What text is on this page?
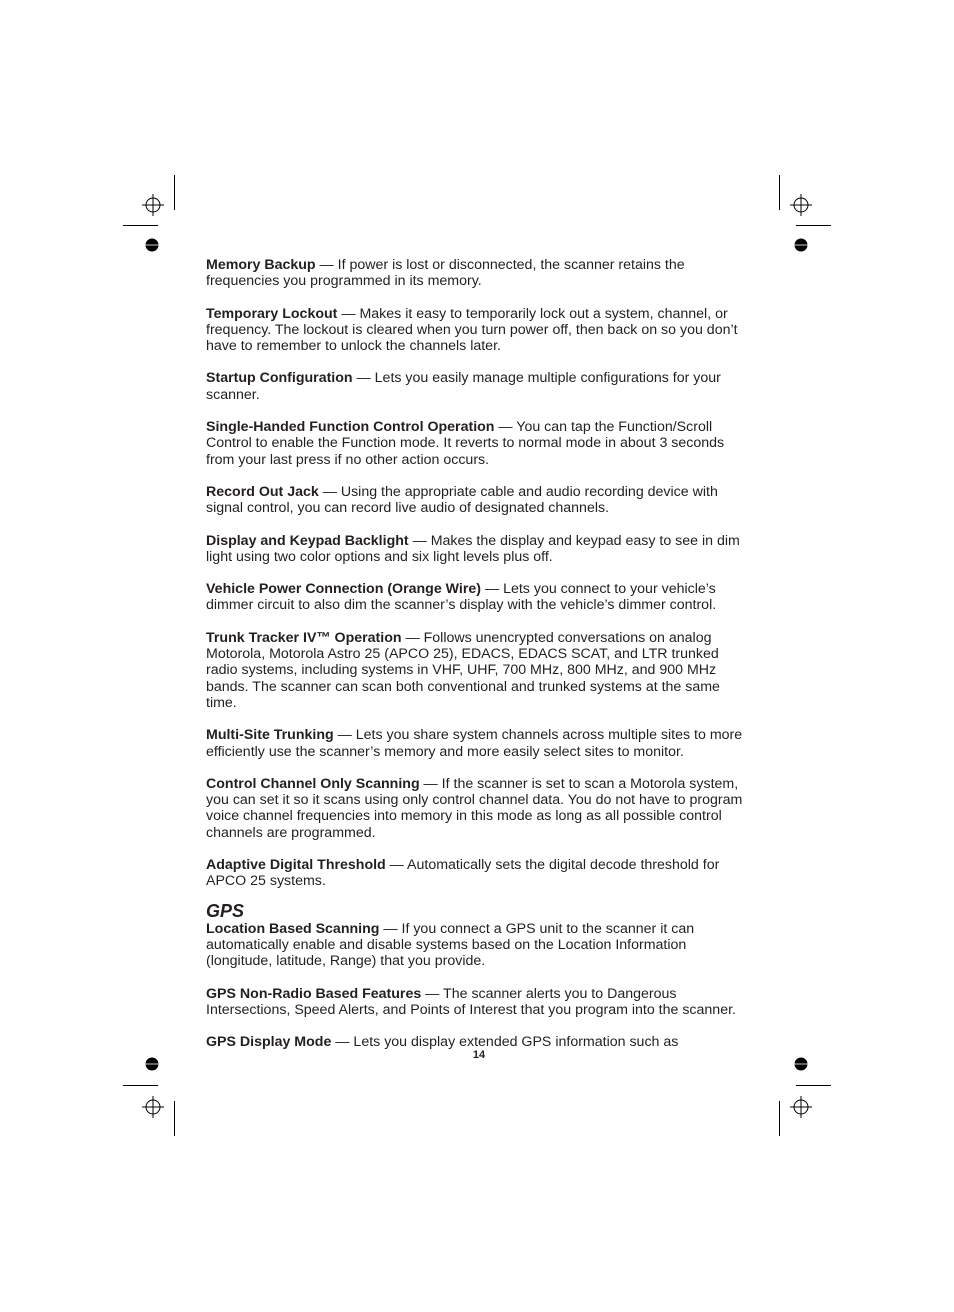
Memory Backup — If power is lost or disconnected, the scanner retains the frequencies you programmed in its memory.

Temporary Lockout — Makes it easy to temporarily lock out a system, channel, or frequency. The lockout is cleared when you turn power off, then back on so you don’t have to remember to unlock the channels later.

Startup Configuration — Lets you easily manage multiple configurations for your scanner.

Single-Handed Function Control Operation — You can tap the Function/Scroll Control to enable the Function mode. It reverts to normal mode in about 3 seconds from your last press if no other action occurs.

Record Out Jack — Using the appropriate cable and audio recording device with signal control, you can record live audio of designated channels.

Display and Keypad Backlight — Makes the display and keypad easy to see in dim light using two color options and six light levels plus off.

Vehicle Power Connection (Orange Wire) — Lets you connect to your vehicle’s dimmer circuit to also dim the scanner’s display with the vehicle’s dimmer control.

Trunk Tracker IV™ Operation — Follows unencrypted conversations on analog Motorola, Motorola Astro 25 (APCO 25), EDACS, EDACS SCAT, and LTR trunked radio systems, including systems in VHF, UHF, 700 MHz, 800 MHz, and 900 MHz bands. The scanner can scan both conventional and trunked systems at the same time.

Multi-Site Trunking — Lets you share system channels across multiple sites to more efficiently use the scanner’s memory and more easily select sites to monitor.

Control Channel Only Scanning — If the scanner is set to scan a Motorola system, you can set it so it scans using only control channel data. You do not have to program voice channel frequencies into memory in this mode as long as all possible control channels are programmed.

Adaptive Digital Threshold — Automatically sets the digital decode threshold for APCO 25 systems.

GPS

Location Based Scanning — If you connect a GPS unit to the scanner it can automatically enable and disable systems based on the Location Information (longitude, latitude, Range) that you provide.

GPS Non-Radio Based Features — The scanner alerts you to Dangerous Intersections, Speed Alerts, and Points of Interest that you program into the scanner.

GPS Display Mode — Lets you display extended GPS information such as

14
